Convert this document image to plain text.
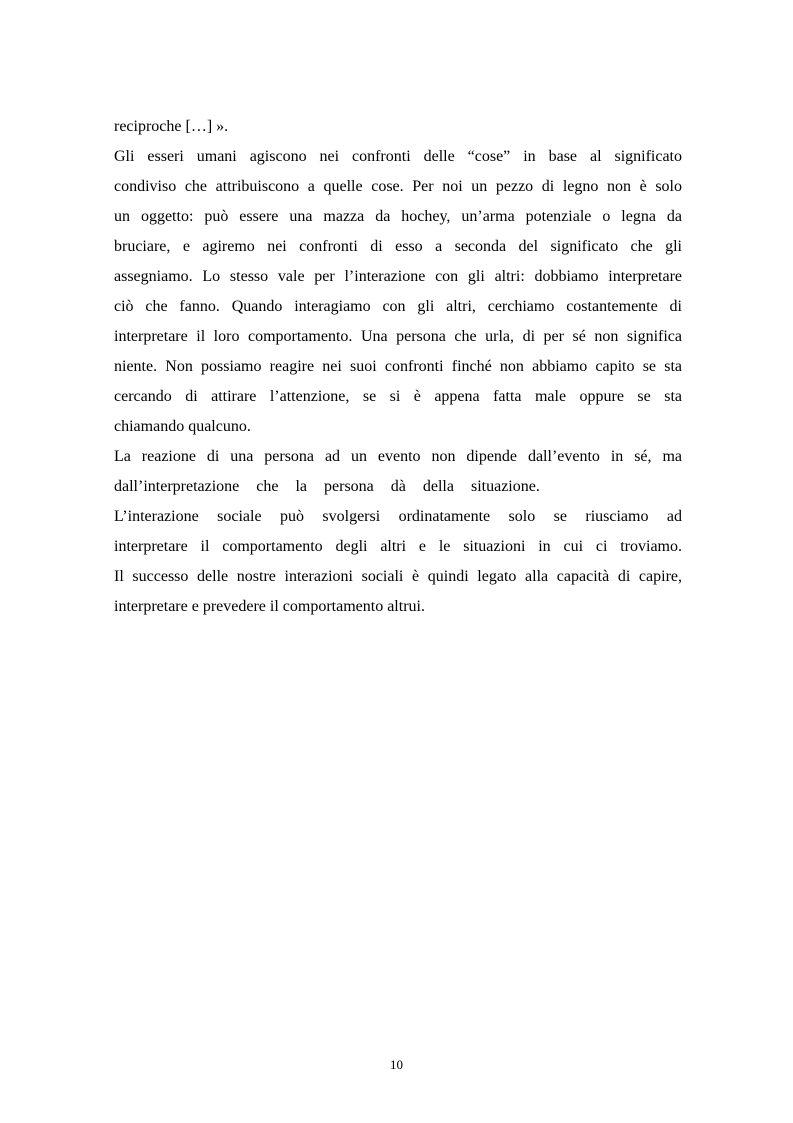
reciproche […] ».
Gli esseri umani agiscono nei confronti delle “cose” in base al significato
condiviso che attribuiscono a quelle cose. Per noi un pezzo di legno non è solo
un oggetto: può essere una mazza da hochey, un’arma potenziale o legna da
bruciare, e agiremo nei confronti di esso a seconda del significato che gli
assegniamo. Lo stesso vale per l’interazione con gli altri: dobbiamo interpretare
ciò che fanno. Quando interagiamo con gli altri, cerchiamo costantemente di
interpretare il loro comportamento. Una persona che urla, di per sé non significa
niente. Non possiamo reagire nei suoi confronti finché non abbiamo capito se sta
cercando di attirare l’attenzione, se si è appena fatta male oppure se sta
chiamando qualcuno.
La reazione di una persona ad un evento non dipende dall’evento in sé, ma
dall’interpretazione che la persona dà della situazione.
L’interazione sociale può svolgersi ordinatamente solo se riusciamo ad
interpretare il comportamento degli altri e le situazioni in cui ci troviamo.
Il successo delle nostre interazioni sociali è quindi legato alla capacità di capire,
interpretare e prevedere il comportamento altrui.
10
